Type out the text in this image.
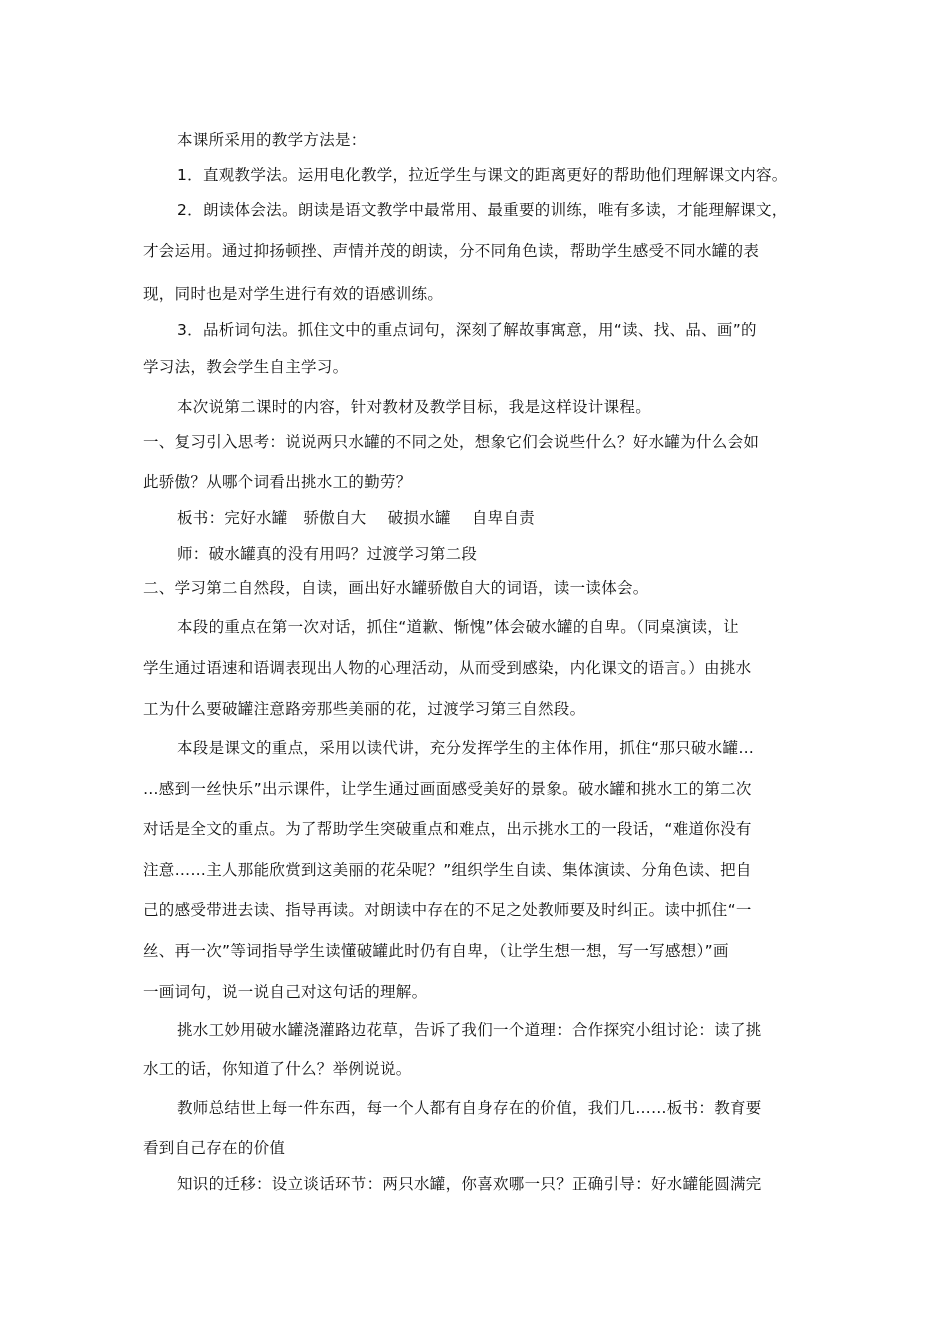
本课所采用的教学方法是：
1．直观教学法。运用电化教学，拉近学生与课文的距离更好的帮助他们理解课文内容。
2．朗读体会法。朗读是语文教学中最常用、最重要的训练，唯有多读，才能理解课文，
才会运用。通过抑扬顿挫、声情并茂的朗读，分不同角色读，帮助学生感受不同水罐的表
现，同时也是对学生进行有效的语感训练。
3．品析词句法。抓住文中的重点词句，深刻了解故事寓意，用“读、找、品、画”的
学习法，教会学生自主学习。
本次说第二课时的内容，针对教材及教学目标，我是这样设计课程。
一、复习引入思考：说说两只水罐的不同之处，想象它们会说些什么？好水罐为什么会如
此骄傲？从哪个词看出挑水工的勤劳？
板书：完好水罐　骄傲自大　 破损水罐　 自卑自责
师：破水罐真的没有用吗？过渡学习第二段
二、学习第二自然段，自读，画出好水罐骄傲自大的词语，读一读体会。
本段的重点在第一次对话，抓住“道歉、惭愧”体会破水罐的自卑。（同桌演读，让
学生通过语速和语调表现出人物的心理活动，从而受到感染，内化课文的语言。）由挑水
工为什么要破罐注意路旁那些美丽的花，过渡学习第三自然段。
本段是课文的重点，采用以读代讲，充分发挥学生的主体作用，抓住“那只破水罐…
…感到一丝快乐”出示课件，让学生通过画面感受美好的景象。破水罐和挑水工的第二次
对话是全文的重点。为了帮助学生突破重点和难点，出示挑水工的一段话，“难道你没有
注意……主人那能欣赏到这美丽的花朵呢？”组织学生自读、集体演读、分角色读、把自
己的感受带进去读、指导再读。对朗读中存在的不足之处教师要及时纠正。读中抓住“一
丝、再一次”等词指导学生读懂破罐此时仍有自卑，（让学生想一想，写一写感想）”画
一画词句，说一说自己对这句话的理解。
挑水工妙用破水罐浇灌路边花草，告诉了我们一个道理：合作探究小组讨论：读了挑
水工的话，你知道了什么？举例说说。
教师总结世上每一件东西，每一个人都有自身存在的价值，我们几……板书：教育要
看到自己存在的价值
知识的迁移：设立谈话环节：两只水罐，你喜欢哪一只？正确引导：好水罐能圆满完
